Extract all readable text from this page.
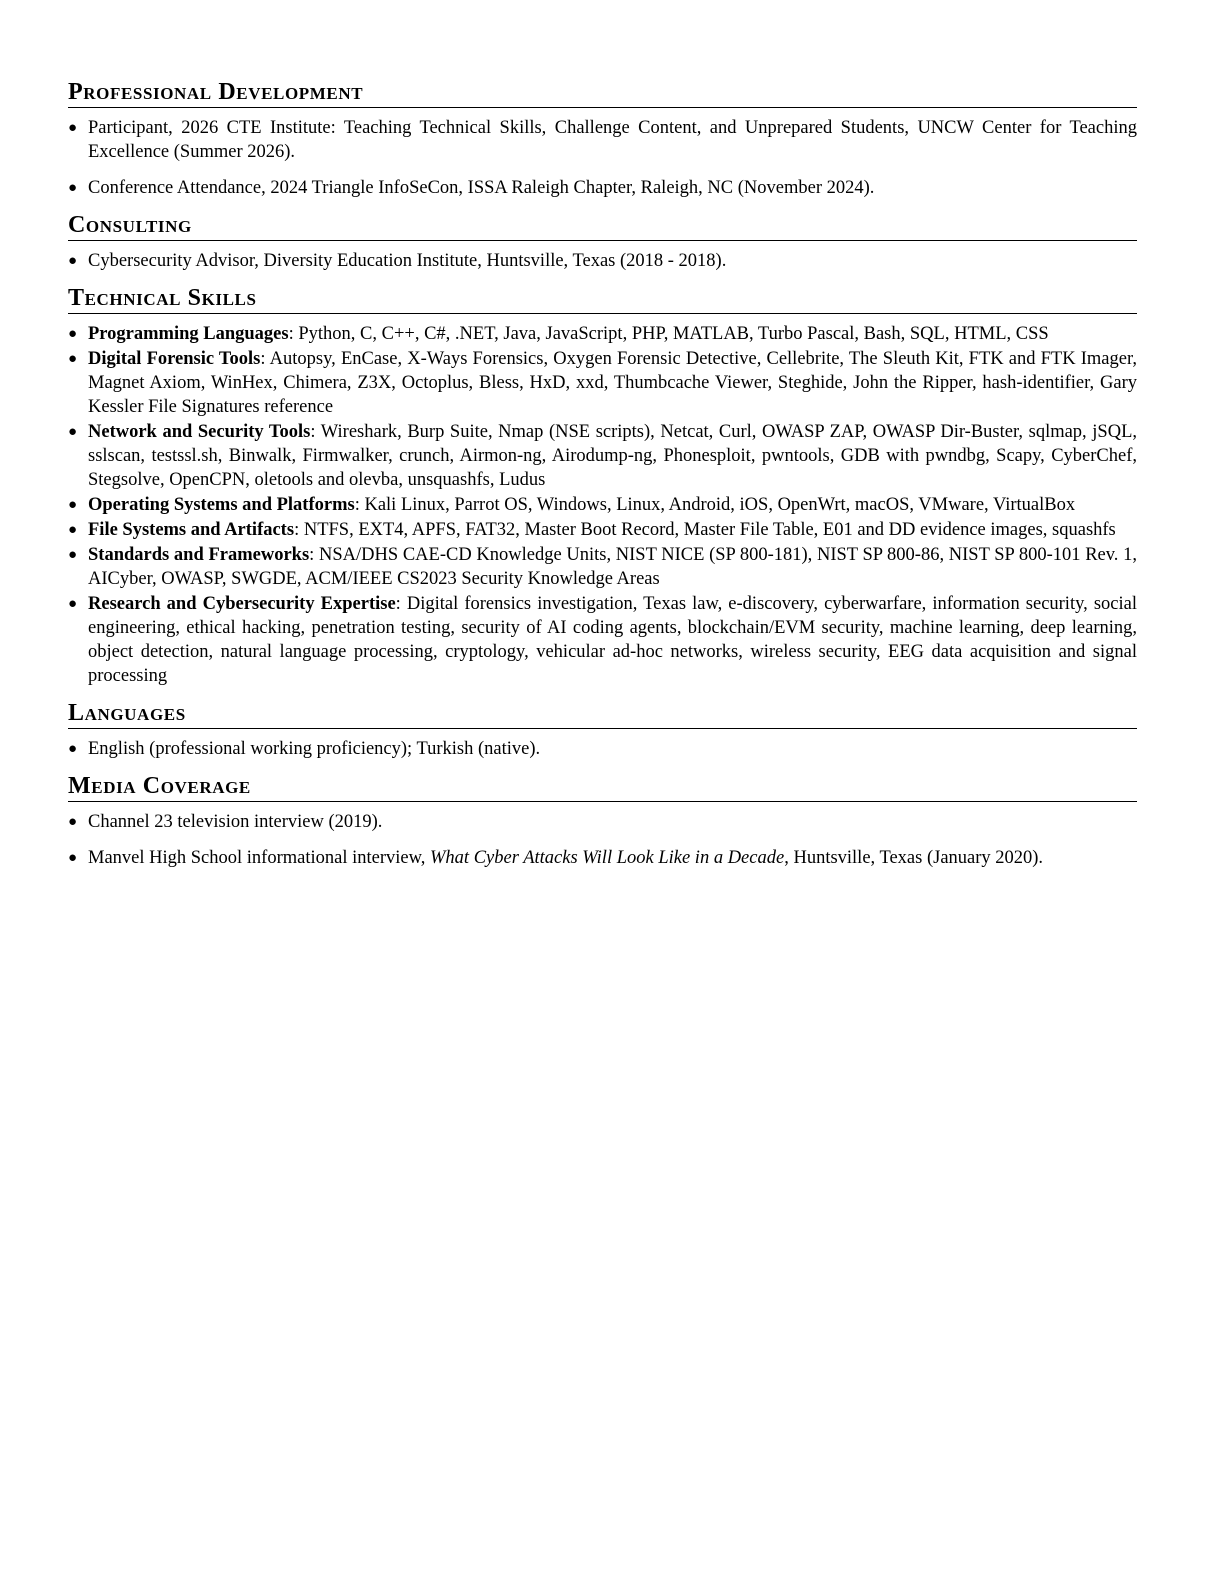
Professional Development
● Participant, 2026 CTE Institute: Teaching Technical Skills, Challenge Content, and Unprepared Students, UNCW Center for Teaching Excellence (Summer 2026).
● Conference Attendance, 2024 Triangle InfoSeCon, ISSA Raleigh Chapter, Raleigh, NC (November 2024).
Consulting
● Cybersecurity Advisor, Diversity Education Institute, Huntsville, Texas (2018 - 2018).
Technical Skills
● Programming Languages: Python, C, C++, C#, .NET, Java, JavaScript, PHP, MATLAB, Turbo Pascal, Bash, SQL, HTML, CSS
● Digital Forensic Tools: Autopsy, EnCase, X-Ways Forensics, Oxygen Forensic Detective, Cellebrite, The Sleuth Kit, FTK and FTK Imager, Magnet Axiom, WinHex, Chimera, Z3X, Octoplus, Bless, HxD, xxd, Thumbcache Viewer, Steghide, John the Ripper, hash-identifier, Gary Kessler File Signatures reference
● Network and Security Tools: Wireshark, Burp Suite, Nmap (NSE scripts), Netcat, Curl, OWASP ZAP, OWASP Dir-Buster, sqlmap, jSQL, sslscan, testssl.sh, Binwalk, Firmwalker, crunch, Airmon-ng, Airodump-ng, Phonesploit, pwntools, GDB with pwndbg, Scapy, CyberChef, Stegsolve, OpenCPN, oletools and olevba, unsquashfs, Ludus
● Operating Systems and Platforms: Kali Linux, Parrot OS, Windows, Linux, Android, iOS, OpenWrt, macOS, VMware, VirtualBox
● File Systems and Artifacts: NTFS, EXT4, APFS, FAT32, Master Boot Record, Master File Table, E01 and DD evidence images, squashfs
● Standards and Frameworks: NSA/DHS CAE-CD Knowledge Units, NIST NICE (SP 800-181), NIST SP 800-86, NIST SP 800-101 Rev. 1, AICyber, OWASP, SWGDE, ACM/IEEE CS2023 Security Knowledge Areas
● Research and Cybersecurity Expertise: Digital forensics investigation, Texas law, e-discovery, cyberwarfare, information security, social engineering, ethical hacking, penetration testing, security of AI coding agents, blockchain/EVM security, machine learning, deep learning, object detection, natural language processing, cryptology, vehicular ad-hoc networks, wireless security, EEG data acquisition and signal processing
Languages
● English (professional working proficiency); Turkish (native).
Media Coverage
● Channel 23 television interview (2019).
● Manvel High School informational interview, What Cyber Attacks Will Look Like in a Decade, Huntsville, Texas (January 2020).
